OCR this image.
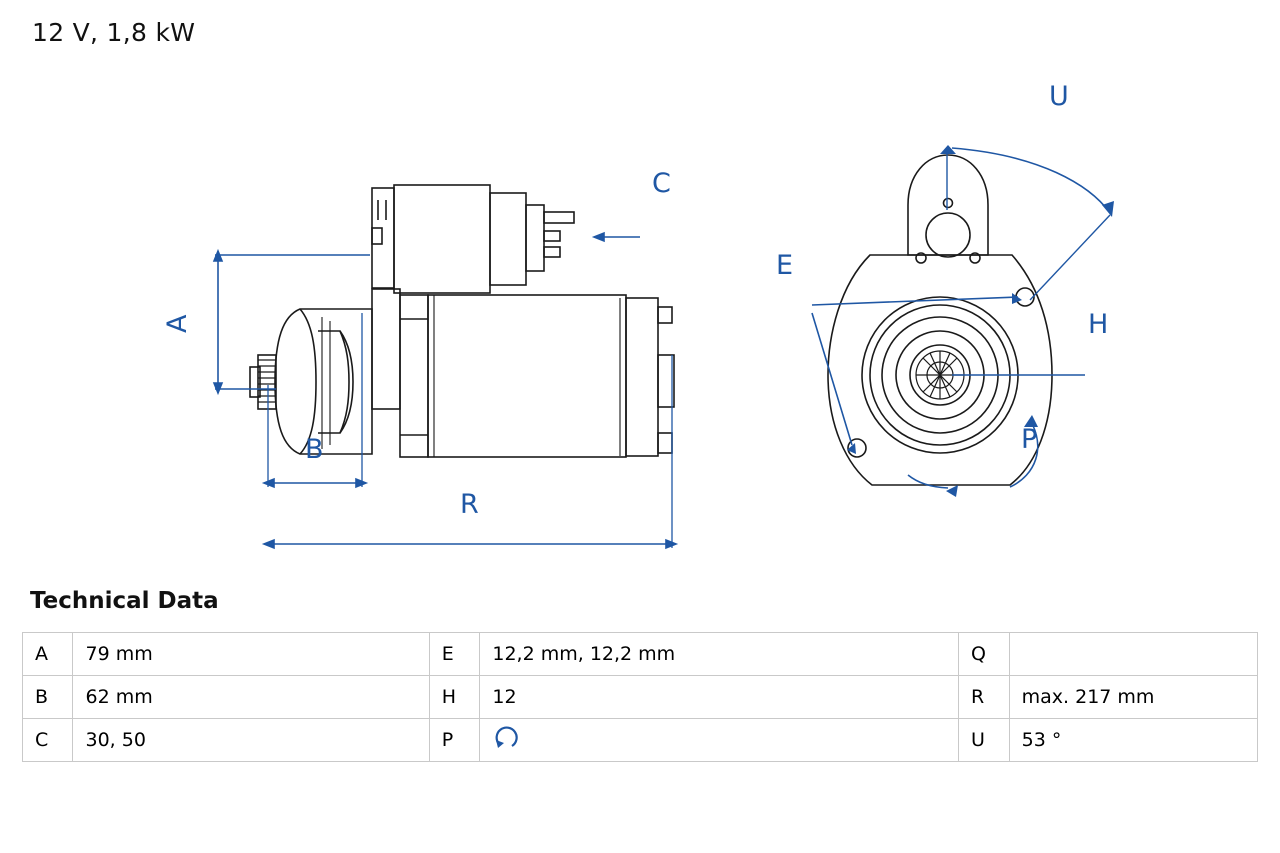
12 V, 1,8 kW
A
C
B
R
U
E
H
P
Technical Data
A	79 mm	E	12,2 mm, 12,2 mm	Q	
B	62 mm	H	12	R	max. 217 mm
C	30, 50	P		U	53 °
